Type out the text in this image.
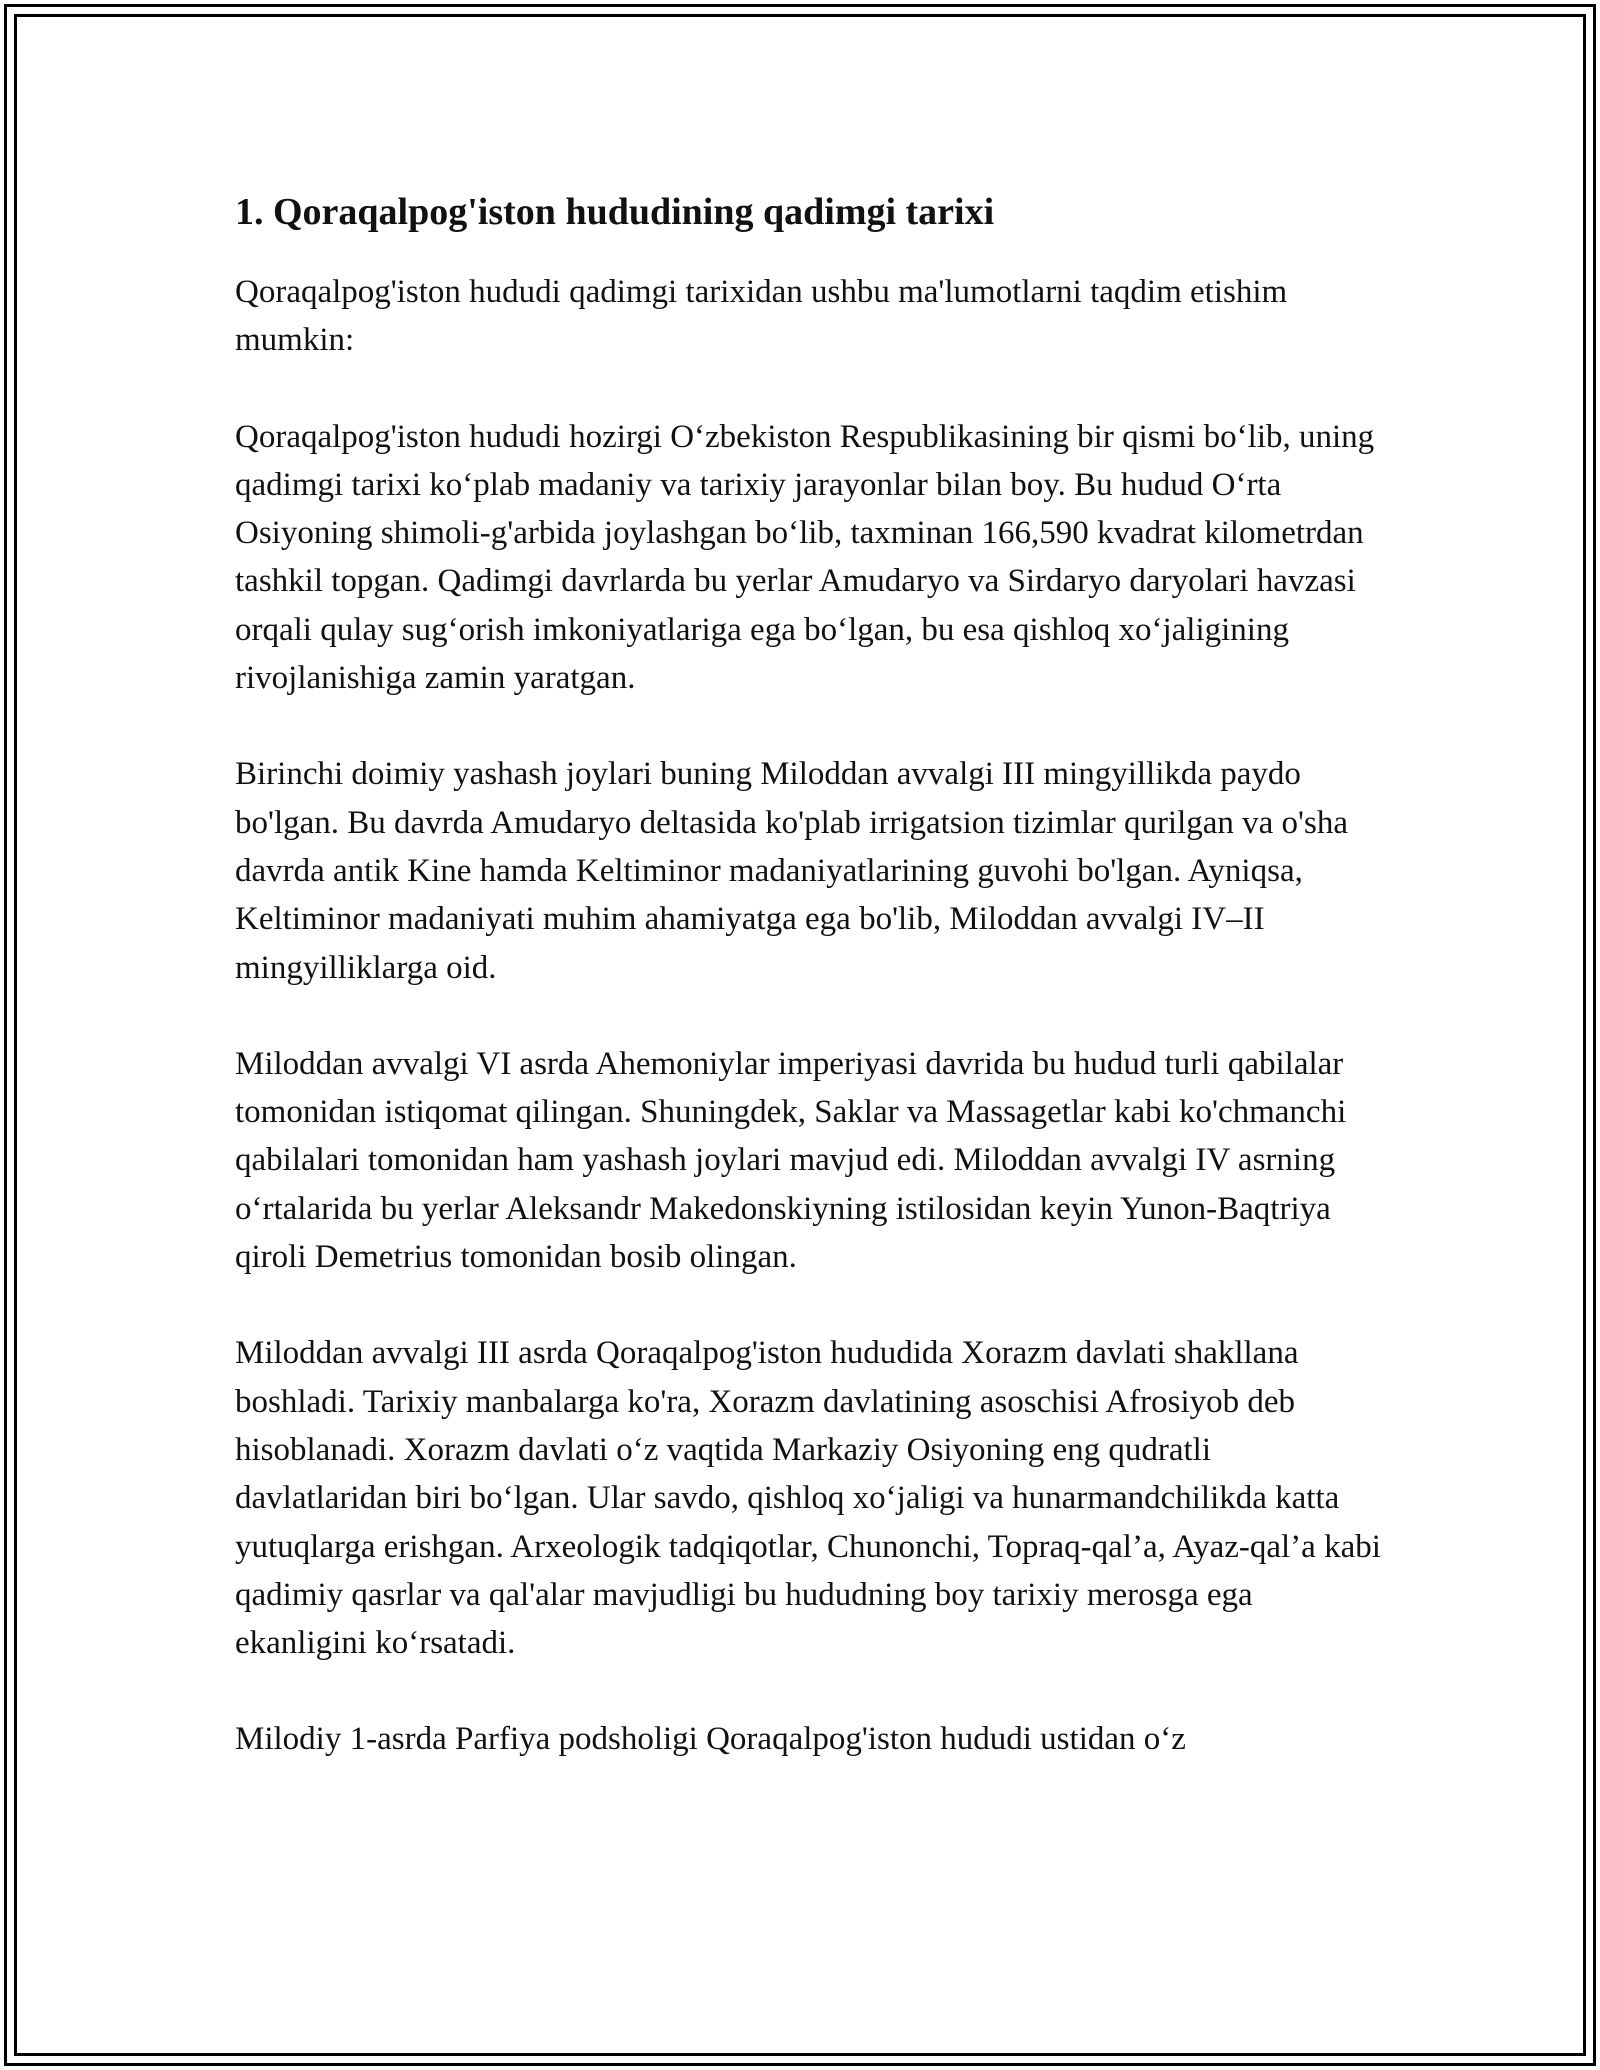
1. Qoraqalpog'iston hududining qadimgi tarixi

Qoraqalpog'iston hududi qadimgi tarixidan ushbu ma'lumotlarni taqdim etishim mumkin:

Qoraqalpog'iston hududi hozirgi O‘zbekiston Respublikasining bir qismi bo‘lib, uning qadimgi tarixi ko‘plab madaniy va tarixiy jarayonlar bilan boy. Bu hudud O‘rta Osiyoning shimoli-g'arbida joylashgan bo‘lib, taxminan 166,590 kvadrat kilometrdan tashkil topgan. Qadimgi davrlarda bu yerlar Amudaryo va Sirdaryo daryolari havzasi orqali qulay sug‘orish imkoniyatlariga ega bo‘lgan, bu esa qishloq xo‘jaligining rivojlanishiga zamin yaratgan.

Birinchi doimiy yashash joylari buning Miloddan avvalgi III mingyillikda paydo bo'lgan. Bu davrda Amudaryo deltasida ko'plab irrigatsion tizimlar qurilgan va o'sha davrda antik Kine hamda Keltiminor madaniyatlarining guvohi bo'lgan. Ayniqsa, Keltiminor madaniyati muhim ahamiyatga ega bo'lib, Miloddan avvalgi IV–II mingyilliklarga oid.

Miloddan avvalgi VI asrda Ahemoniylar imperiyasi davrida bu hudud turli qabilalar tomonidan istiqomat qilingan. Shuningdek, Saklar va Massagetlar kabi ko'chmanchi qabilalari tomonidan ham yashash joylari mavjud edi. Miloddan avvalgi IV asrning o‘rtalarida bu yerlar Aleksandr Makedonskiyning istilosidan keyin Yunon-Baqtriya qiroli Demetrius tomonidan bosib olingan.

Miloddan avvalgi III asrda Qoraqalpog'iston hududida Xorazm davlati shakllana boshladi. Tarixiy manbalarga ko'ra, Xorazm davlatining asoschisi Afrosiyob deb hisoblanadi. Xorazm davlati o‘z vaqtida Markaziy Osiyoning eng qudratli davlatlaridan biri bo‘lgan. Ular savdo, qishloq xo‘jaligi va hunarmandchilikda katta yutuqlarga erishgan. Arxeologik tadqiqotlar, Chunonchi, Topraq-qal’a, Ayaz-qal’a kabi qadimiy qasrlar va qal'alar mavjudligi bu hududning boy tarixiy merosga ega ekanligini ko‘rsatadi.

Milodiy 1-asrda Parfiya podsholigi Qoraqalpog'iston hududi ustidan o‘z
